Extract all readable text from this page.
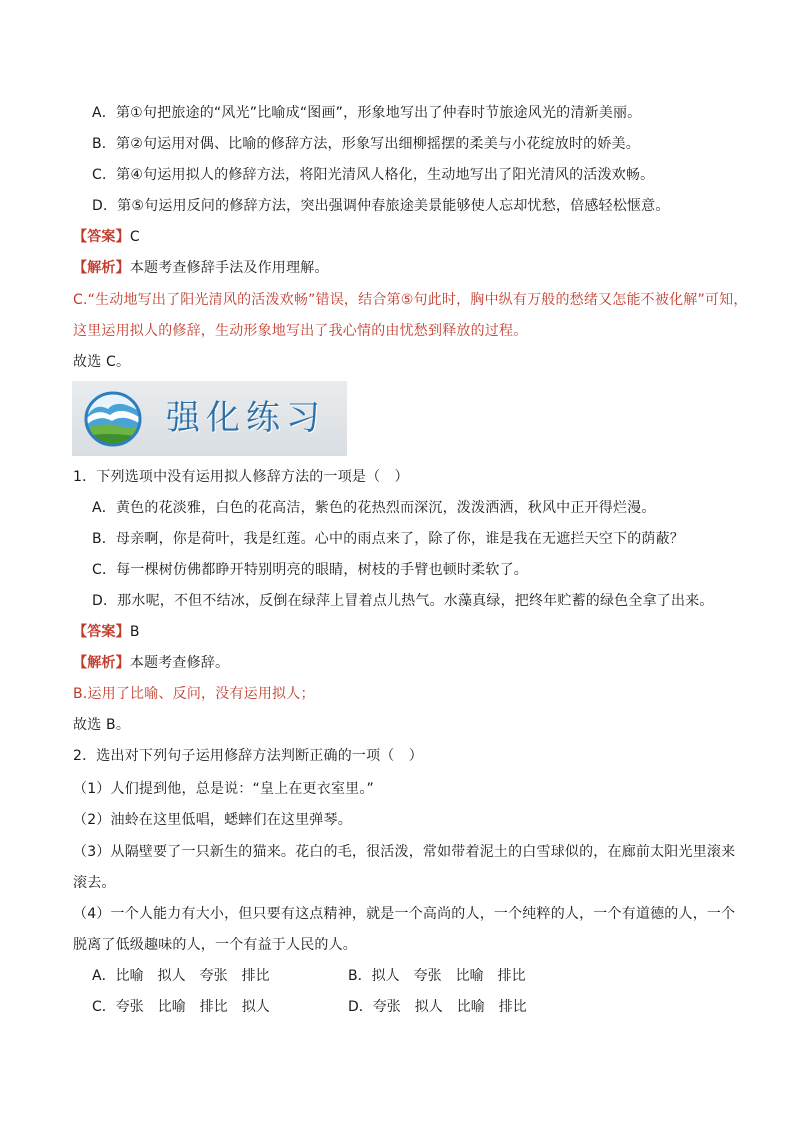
A．第①句把旅途的“风光”比喻成“图画”，形象地写出了仲春时节旅途风光的清新美丽。
B．第②句运用对偶、比喻的修辞方法，形象写出细柳摇摆的柔美与小花绽放时的娇美。
C．第④句运用拟人的修辞方法，将阳光清风人格化，生动地写出了阳光清风的活泼欢畅。
D．第⑤句运用反问的修辞方法，突出强调仲春旅途美景能够使人忘却忧愁，倍感轻松惬意。
【答案】C
【解析】本题考查修辞手法及作用理解。
C.“生动地写出了阳光清风的活泼欢畅”错误，结合第⑤句此时，胸中纵有万般的愁绪又怎能不被化解”可知，
这里运用拟人的修辞，生动形象地写出了我心情的由忧愁到释放的过程。
故选 C。
强化练习
1．下列选项中没有运用拟人修辞方法的一项是（　）
A．黄色的花淡雅，白色的花高洁，紫色的花热烈而深沉，泼泼洒洒，秋风中正开得烂漫。
B．母亲啊，你是荷叶，我是红莲。心中的雨点来了，除了你，谁是我在无遮拦天空下的荫蔽？
C．每一棵树仿佛都睁开特别明亮的眼睛，树枝的手臂也顿时柔软了。
D．那水呢，不但不结冰，反倒在绿萍上冒着点儿热气。水藻真绿，把终年贮蓄的绿色全拿了出来。
【答案】B
【解析】本题考查修辞。
B.运用了比喻、反问，没有运用拟人；
故选 B。
2．选出对下列句子运用修辞方法判断正确的一项（　）
（1）人们提到他，总是说：“皇上在更衣室里。”
（2）油蛉在这里低唱，蟋蟀们在这里弹琴。
（3）从隔壁要了一只新生的猫来。花白的毛，很活泼，常如带着泥土的白雪球似的，在廊前太阳光里滚来
滚去。
（4）一个人能力有大小，但只要有这点精神，就是一个高尚的人，一个纯粹的人，一个有道德的人，一个
脱离了低级趣味的人，一个有益于人民的人。
A．比喻　拟人　夸张　排比	B．拟人　夸张　比喻　排比
C．夸张　比喻　排比　拟人	D．夸张　拟人　比喻　排比
